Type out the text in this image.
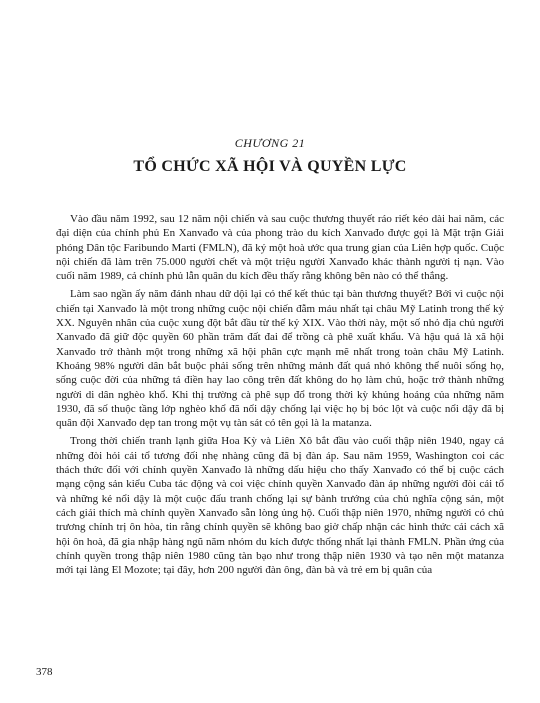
CHƯƠNG 21
TỔ CHỨC XÃ HỘI VÀ QUYỀN LỰC

Vào đầu năm 1992, sau 12 năm nội chiến và sau cuộc thương thuyết ráo riết kéo dài hai năm, các đại diện của chính phủ En Xanvađo và của phong trào du kích Xanvađo được gọi là Mặt trận Giải phóng Dân tộc Faribundo Marti (FMLN), đã ký một hoà ước qua trung gian của Liên hợp quốc. Cuộc nội chiến đã làm trên 75.000 người chết và một triệu người Xanvađo khác thành người tị nạn. Vào cuối năm 1989, cả chính phủ lẫn quân du kích đều thấy rằng không bên nào có thể thắng.

Làm sao ngần ấy năm đánh nhau dữ dội lại có thể kết thúc tại bàn thương thuyết? Bởi vì cuộc nội chiến tại Xanvađo là một trong những cuộc nội chiến đẫm máu nhất tại châu Mỹ Latinh trong thế kỷ XX. Nguyên nhân của cuộc xung đột bắt đầu từ thế kỷ XIX. Vào thời này, một số nhỏ địa chủ người Xanvađo đã giữ độc quyền 60 phần trăm đất đai để trồng cà phê xuất khẩu. Và hậu quả là xã hội Xanvađo trở thành một trong những xã hội phân cực mạnh mẽ nhất trong toàn châu Mỹ Latinh. Khoảng 98% người dân bắt buộc phải sống trên những mảnh đất quá nhỏ không thể nuôi sống họ, sống cuộc đời của những tá điền hay lao công trên đất không do họ làm chủ, hoặc trở thành những người di dân nghèo khổ. Khi thị trường cà phê sụp đổ trong thời kỳ khủng hoảng của những năm 1930, đã số thuộc tầng lớp nghèo khổ đã nổi dậy chống lại việc họ bị bóc lột và cuộc nổi dậy đã bị quân đội Xanvađo dẹp tan trong một vụ tàn sát có tên gọi là la matanza.

Trong thời chiến tranh lạnh giữa Hoa Kỳ và Liên Xô bắt đầu vào cuối thập niên 1940, ngay cả những đòi hỏi cải tổ tương đối nhẹ nhàng cũng đã bị đàn áp. Sau năm 1959, Washington coi các thách thức đối với chính quyền Xanvađo là những dấu hiệu cho thấy Xanvađo có thể bị cuộc cách mạng cộng sản kiểu Cuba tác động và coi việc chính quyền Xanvađo đàn áp những người đòi cải tổ và những kẻ nổi dậy là một cuộc đấu tranh chống lại sự bành trướng của chủ nghĩa cộng sản, một cách giải thích mà chính quyền Xanvađo sẵn lòng ủng hộ. Cuối thập niên 1970, những người có chủ trương chính trị ôn hòa, tin rằng chính quyền sẽ không bao giờ chấp nhận các hình thức cải cách xã hội ôn hoà, đã gia nhập hàng ngũ năm nhóm du kích được thống nhất lại thành FMLN. Phần ứng của chính quyền trong thập niên 1980 cũng tàn bạo như trong thập niên 1930 và tạo nên một matanza mới tại làng El Mozote; tại đây, hơn 200 người đàn ông, đàn bà và trẻ em bị quân của

378
